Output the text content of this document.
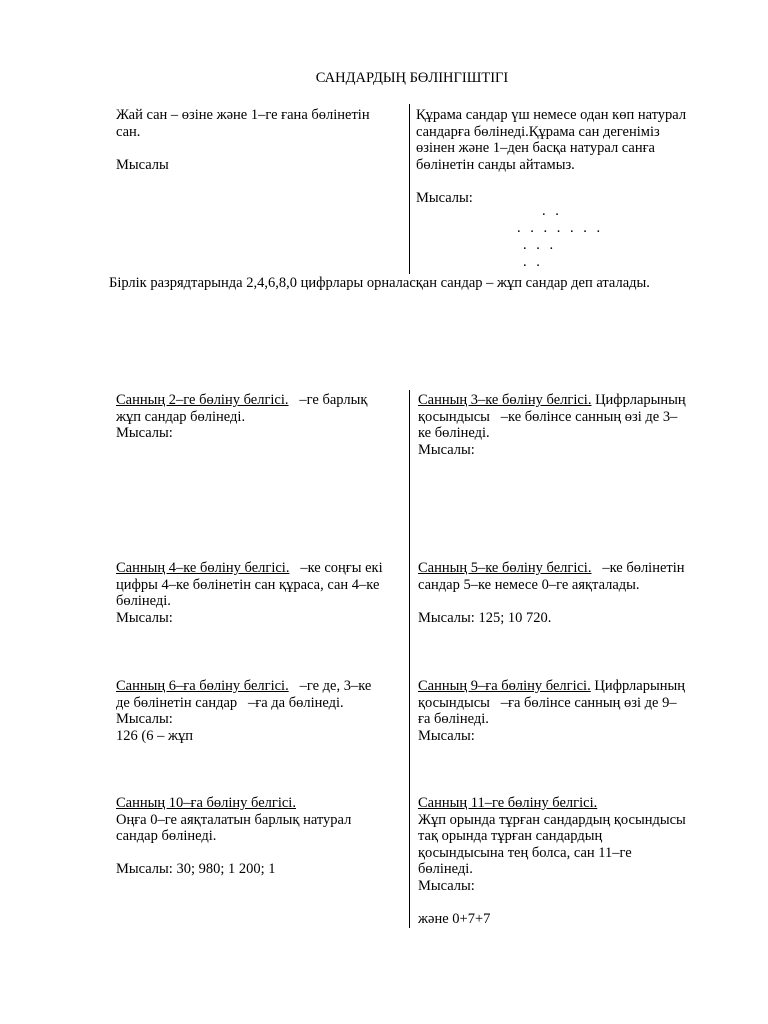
САНДАРДЫҢ БӨЛІНГІШТІГІ
Жай сан – өзіне және 1–ге ғана бөлінетін
сан.
Мысалы
Құрама сандар үш немесе одан көп натурал
сандарға бөлінеді.Құрама сан дегеніміз
өзінен және 1–ден басқа натурал санға
бөлінетін санды айтамыз.
Мысалы:
. .
. . . . . . .
. . .
. .
Бірлік разрядтарында 2,4,6,8,0 цифрлары орналасқан сандар – жұп сандар деп аталады.
Санның 2–ге бөліну белгісі.   –ге барлық
жұп сандар бөлінеді.
Мысалы:
Санның 3–ке бөліну белгісі. Цифрларының
қосындысы   –ке бөлінсе санның өзі де 3–
ке бөлінеді.
Мысалы:
Санның 4–ке бөліну белгісі.   –ке соңғы екі
цифры 4–ке бөлінетін сан құраса, сан 4–ке
бөлінеді.
Мысалы:
Санның 5–ке бөліну белгісі.   –ке бөлінетін
сандар 5–ке немесе 0–ге аяқталады.
Мысалы: 125; 10 720.
Санның 6–ға бөліну белгісі.   –ге де, 3–ке
де бөлінетін сандар   –ға да бөлінеді.
Мысалы:
126 (6 – жұп
Санның 9–ға бөліну белгісі. Цифрларының
қосындысы   –ға бөлінсе санның өзі де 9–
ға бөлінеді.
Мысалы:
Санның 10–ға бөліну белгісі.
Оңға 0–ге аяқталатын барлық натурал
сандар бөлінеді.
Мысалы: 30; 980; 1 200; 1
Санның 11–ге бөліну белгісі.
Жұп орында тұрған сандардың қосындысы
тақ орында тұрған сандардың
қосындысына тең болса, сан 11–ге
бөлінеді.
Мысалы:
және 0+7+7
